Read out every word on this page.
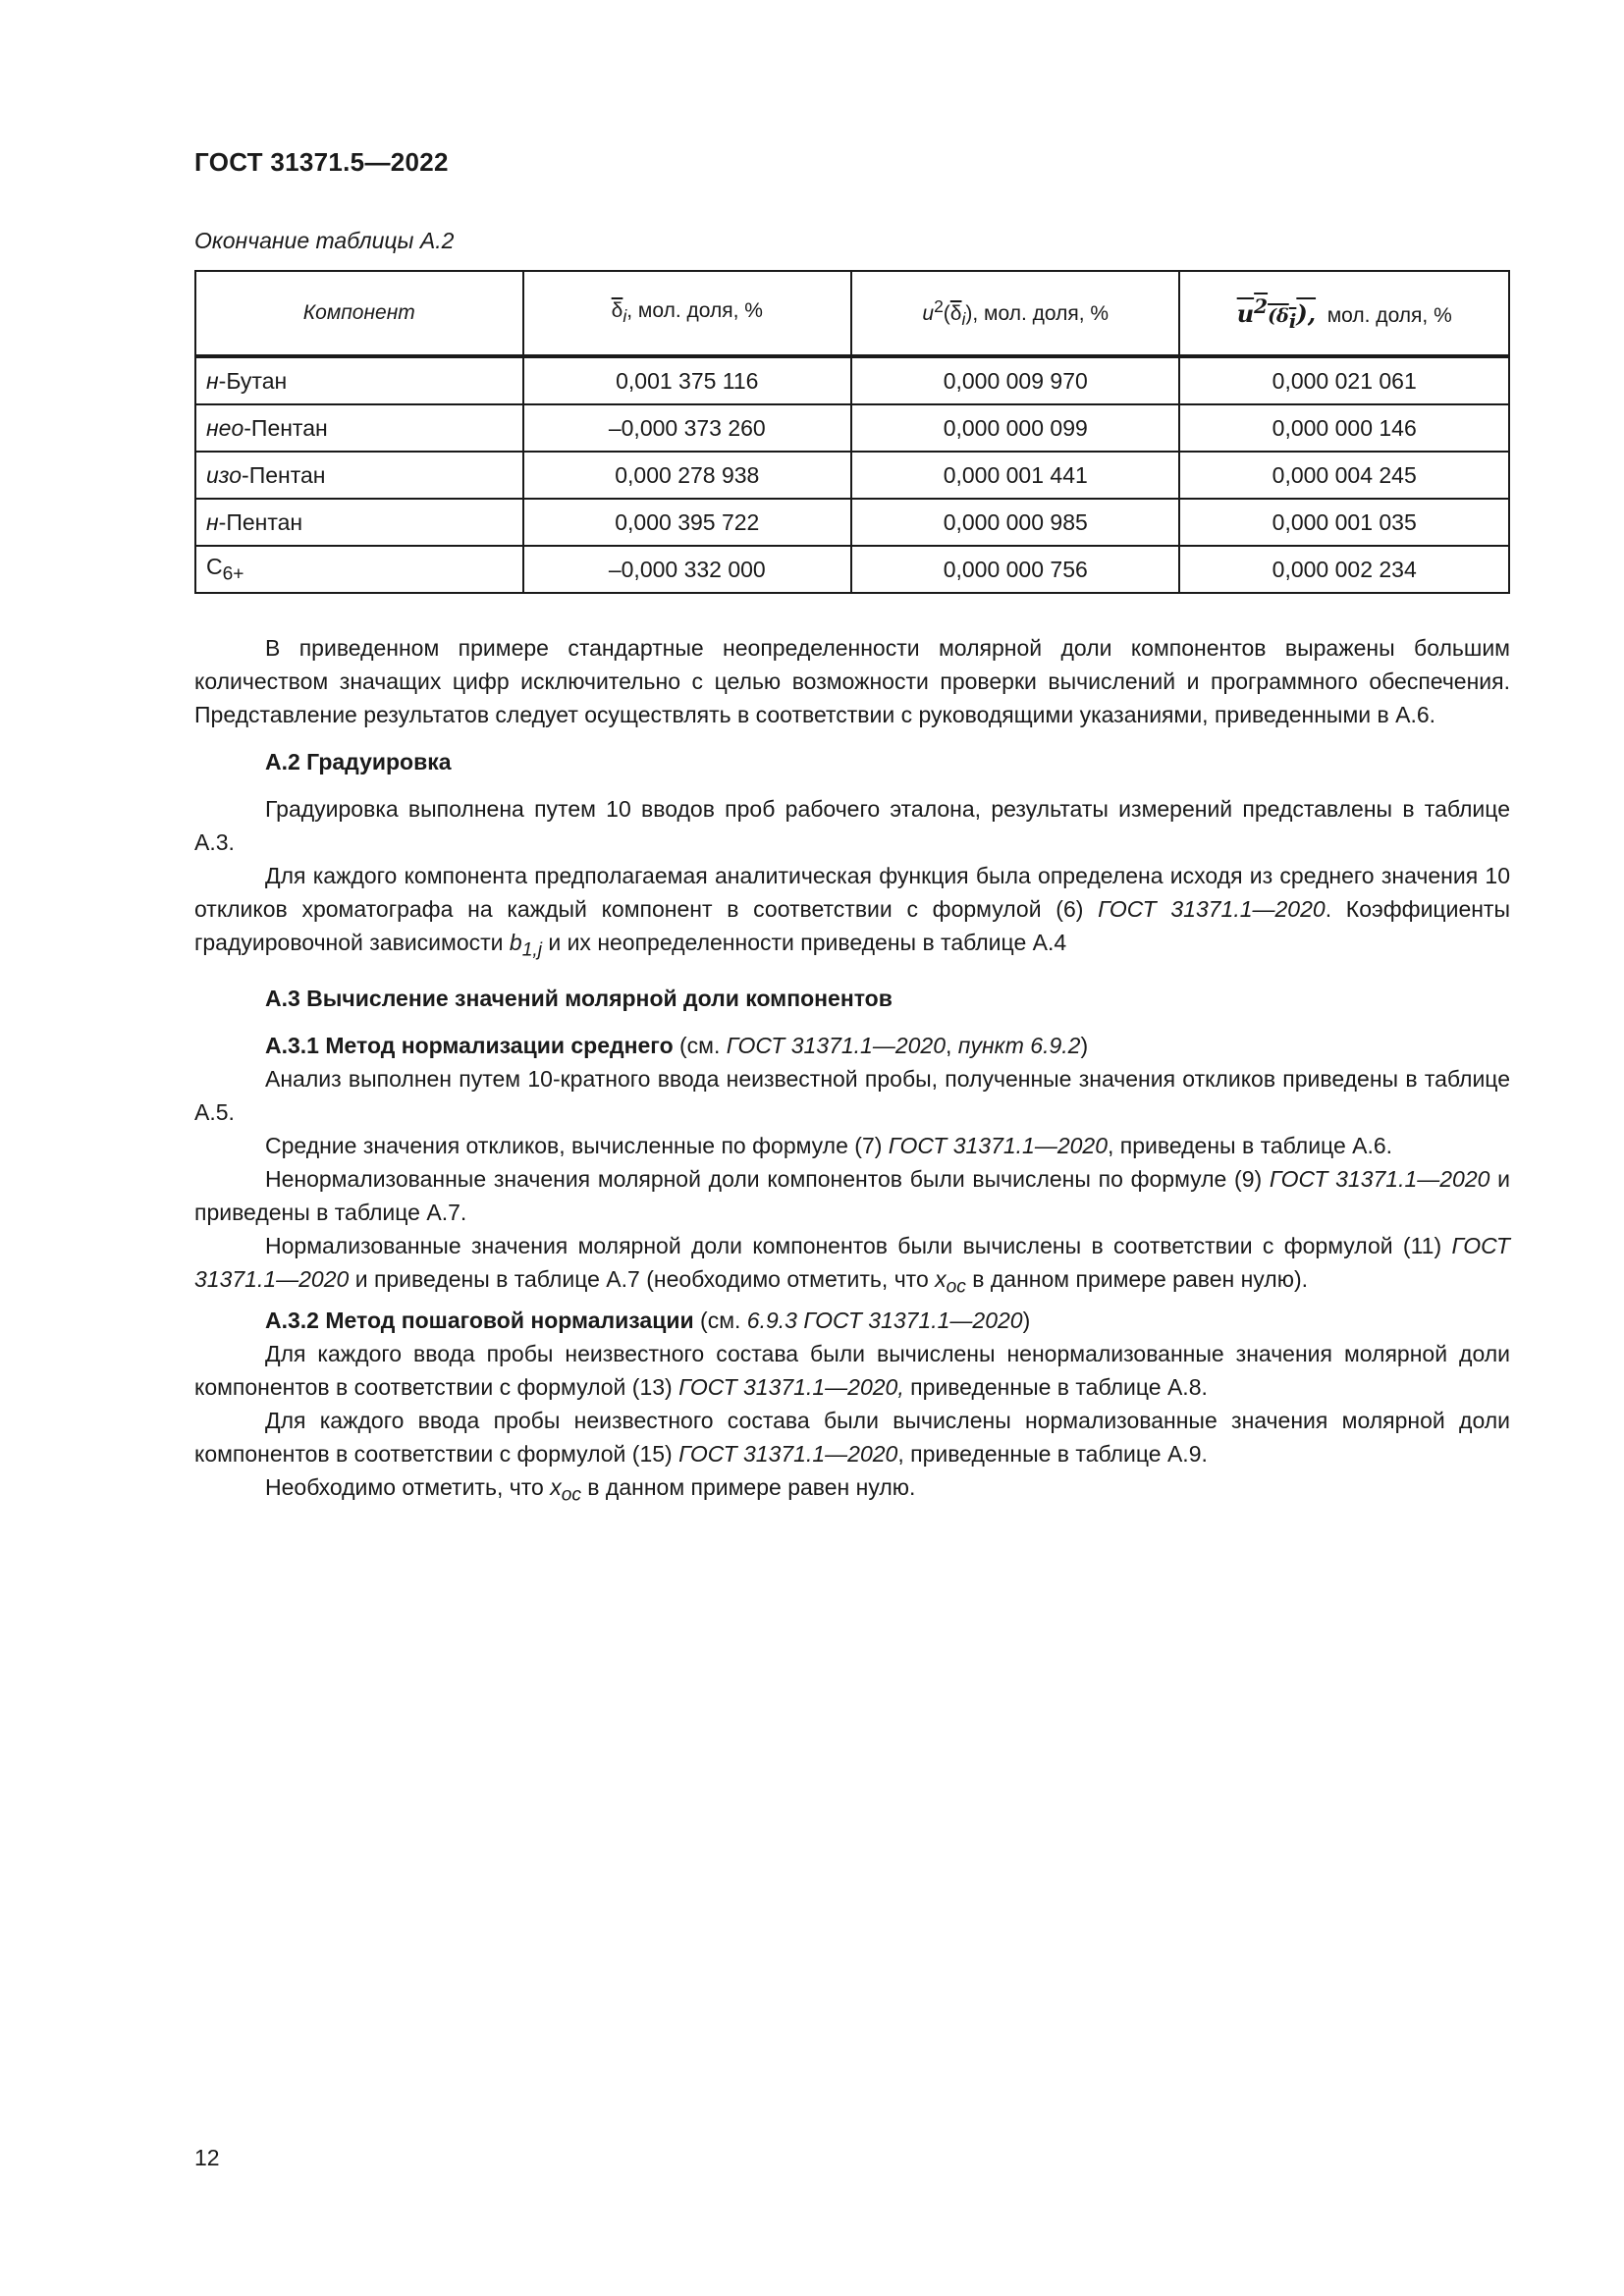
ГОСТ 31371.5—2022
Окончание таблицы А.2
Компонент	$\overline{\delta}_i$, мол. доля, %	$u^2(\overline{\delta}_i)$, мол. доля, %	$u^2(\delta_i)$, мол. доля, %
н-Бутан	0,001 375 116	0,000 009 970	0,000 021 061
нео-Пентан	–0,000 373 260	0,000 000 099	0,000 000 146
изо-Пентан	0,000 278 938	0,000 001 441	0,000 004 245
н-Пентан	0,000 395 722	0,000 000 985	0,000 001 035
$C_{6+}$	–0,000 332 000	0,000 000 756	0,000 002 234

В приведенном примере стандартные неопределенности молярной доли компонентов выражены большим количеством значащих цифр исключительно с целью возможности проверки вычислений и программного обеспечения. Представление результатов следует осуществлять в соответствии с руководящими указаниями, приведенными в А.6.

А.2 Градуировка

Градуировка выполнена путем 10 вводов проб рабочего эталона, результаты измерений представлены в таблице А.3.

Для каждого компонента предполагаемая аналитическая функция была определена исходя из среднего значения 10 откликов хроматографа на каждый компонент в соответствии с формулой (6) ГОСТ 31371.1—2020. Коэффициенты градуировочной зависимости $b_{1,j}$ и их неопределенности приведены в таблице А.4

А.3 Вычисление значений молярной доли компонентов

А.3.1 Метод нормализации среднего (см. ГОСТ 31371.1—2020, пункт 6.9.2)

Анализ выполнен путем 10-кратного ввода неизвестной пробы, полученные значения откликов приведены в таблице А.5.

Средние значения откликов, вычисленные по формуле (7) ГОСТ 31371.1—2020, приведены в таблице А.6.

Ненормализованные значения молярной доли компонентов были вычислены по формуле (9) ГОСТ 31371.1—2020 и приведены в таблице А.7.

Нормализованные значения молярной доли компонентов были вычислены в соответствии с формулой (11) ГОСТ 31371.1—2020 и приведены в таблице А.7 (необходимо отметить, что $x_{oc}$ в данном примере равен нулю).

А.3.2 Метод пошаговой нормализации (см. 6.9.3 ГОСТ 31371.1—2020)

Для каждого ввода пробы неизвестного состава были вычислены ненормализованные значения молярной доли компонентов в соответствии с формулой (13) ГОСТ 31371.1—2020, приведенные в таблице А.8.

Для каждого ввода пробы неизвестного состава были вычислены нормализованные значения молярной доли компонентов в соответствии с формулой (15) ГОСТ 31371.1—2020, приведенные в таблице А.9.

Необходимо отметить, что $x_{oc}$ в данном примере равен нулю.

12
